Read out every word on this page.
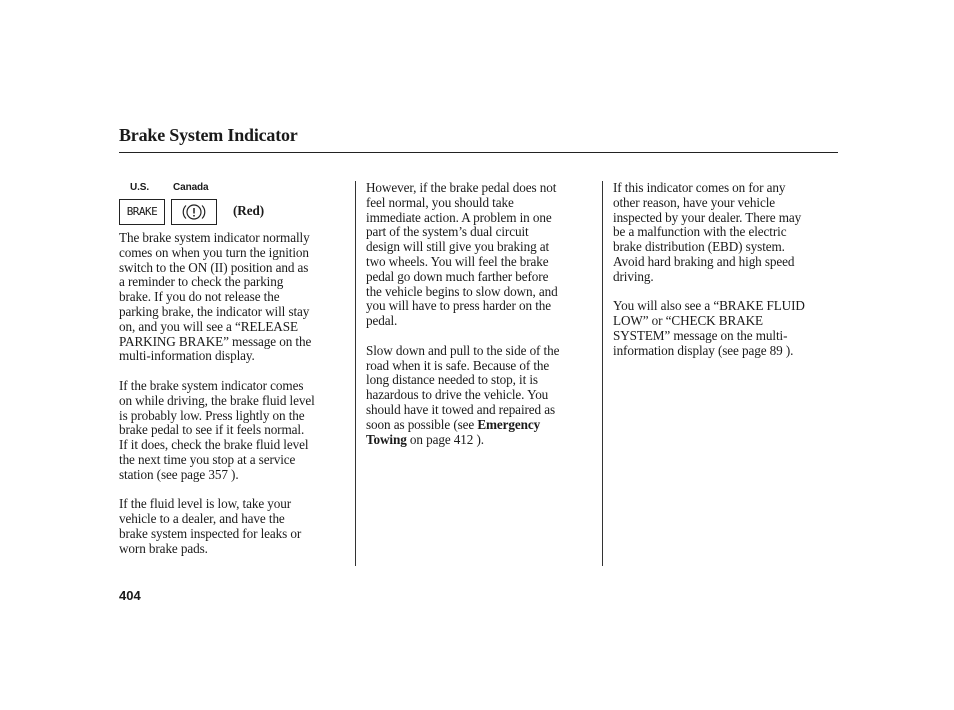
Brake System Indicator
U.S. Canada
BRAKE	(Red)

The brake system indicator normally
comes on when you turn the ignition
switch to the ON (II) position and as
a reminder to check the parking
brake. If you do not release the
parking brake, the indicator will stay
on, and you will see a “RELEASE
PARKING BRAKE” message on the
multi-information display.

If the brake system indicator comes
on while driving, the brake fluid level
is probably low. Press lightly on the
brake pedal to see if it feels normal.
If it does, check the brake fluid level
the next time you stop at a service
station (see page 357 ).

If the fluid level is low, take your
vehicle to a dealer, and have the
brake system inspected for leaks or
worn brake pads.

However, if the brake pedal does not
feel normal, you should take
immediate action. A problem in one
part of the system’s dual circuit
design will still give you braking at
two wheels. You will feel the brake
pedal go down much farther before
the vehicle begins to slow down, and
you will have to press harder on the
pedal.

Slow down and pull to the side of the
road when it is safe. Because of the
long distance needed to stop, it is
hazardous to drive the vehicle. You
should have it towed and repaired as
soon as possible (see Emergency
Towing on page 412 ).

If this indicator comes on for any
other reason, have your vehicle
inspected by your dealer. There may
be a malfunction with the electric
brake distribution (EBD) system.
Avoid hard braking and high speed
driving.

You will also see a “BRAKE FLUID
LOW” or “CHECK BRAKE
SYSTEM” message on the multi-
information display (see page 89 ).

404
